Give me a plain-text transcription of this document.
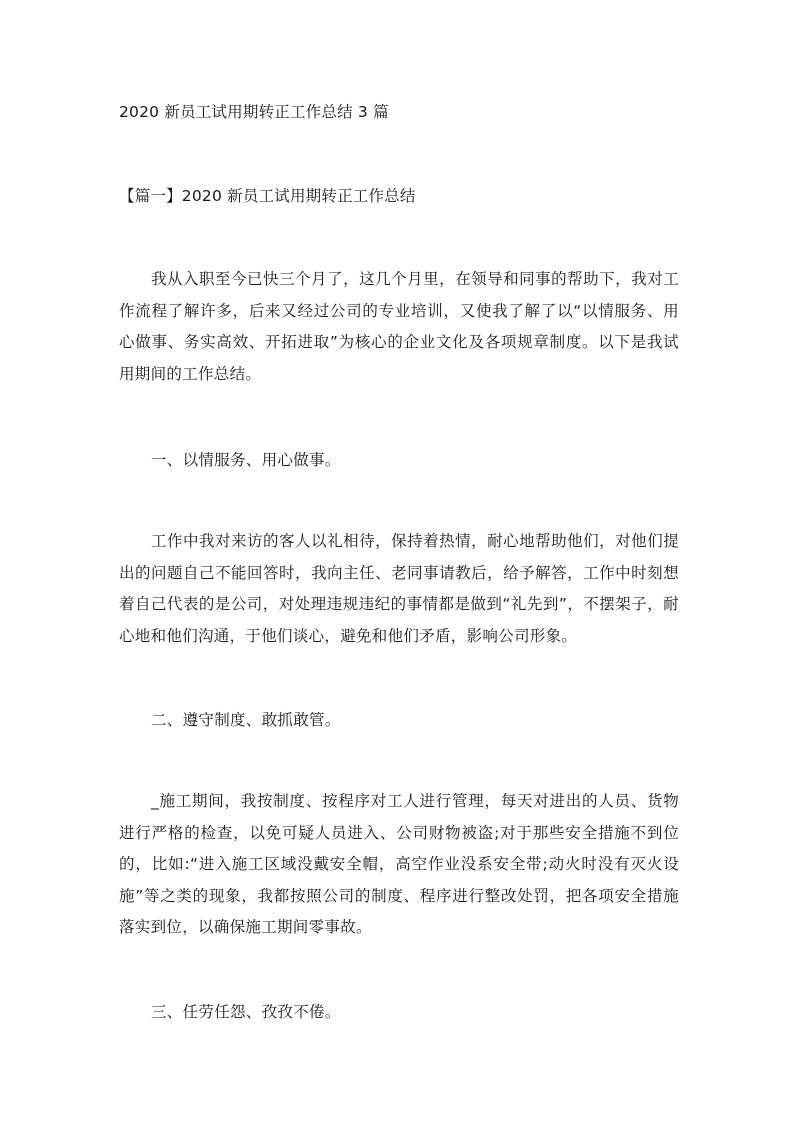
2020 新员工试用期转正工作总结 3 篇

【篇一】2020 新员工试用期转正工作总结

我从入职至今已快三个月了，这几个月里，在领导和同事的帮助下，我对工作流程了解许多，后来又经过公司的专业培训，又使我了解了以“以情服务、用心做事、务实高效、开拓进取”为核心的企业文化及各项规章制度。以下是我试用期间的工作总结。

一、以情服务、用心做事。

工作中我对来访的客人以礼相待，保持着热情，耐心地帮助他们，对他们提出的问题自己不能回答时，我向主任、老同事请教后，给予解答，工作中时刻想着自己代表的是公司，对处理违规违纪的事情都是做到“礼先到”，不摆架子，耐心地和他们沟通，于他们谈心，避免和他们矛盾，影响公司形象。

二、遵守制度、敢抓敢管。

_施工期间，我按制度、按程序对工人进行管理，每天对进出的人员、货物进行严格的检查，以免可疑人员进入、公司财物被盗;对于那些安全措施不到位的，比如:“进入施工区域没戴安全帽，高空作业没系安全带;动火时没有灭火设施”等之类的现象，我都按照公司的制度、程序进行整改处罚，把各项安全措施落实到位，以确保施工期间零事故。

三、任劳任怨、孜孜不倦。
